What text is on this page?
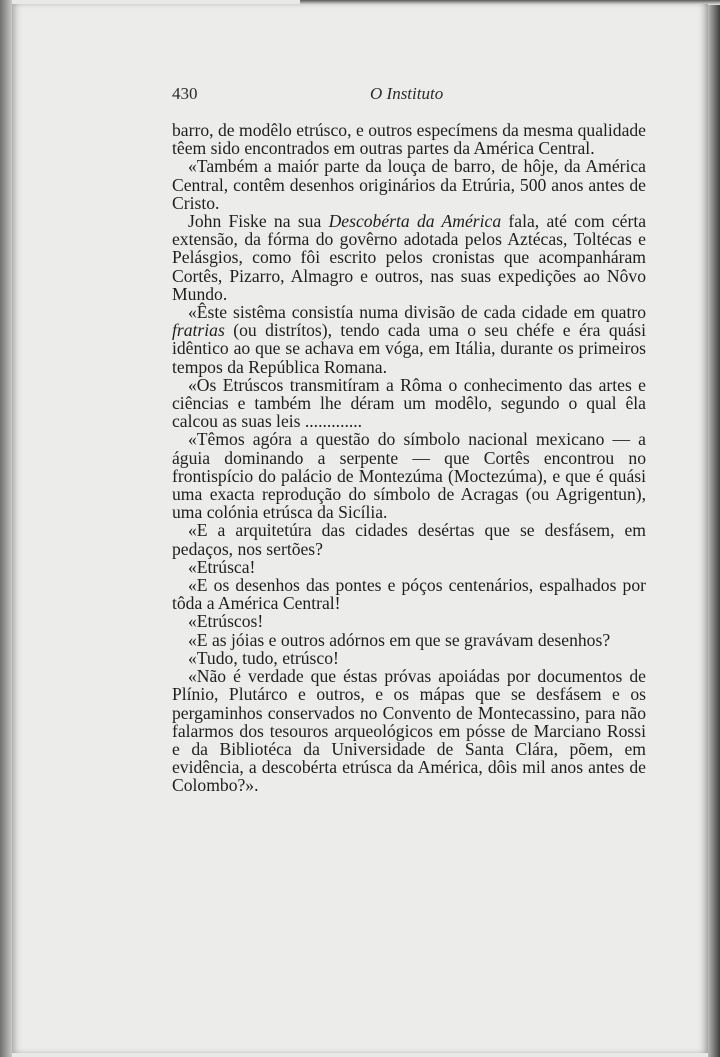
430	O Instituto

barro, de modêlo etrúsco, e outros especímens da mesma qualidade têem sido encontrados em outras partes da América Central.

«Também a maiór parte da louça de barro, de hôje, da América Central, contêm desenhos originários da Etrúria, 500 anos antes de Cristo.

John Fiske na sua Descobérta da América fala, até com cérta extensão, da fórma do govêrno adotada pelos Aztécas, Toltécas e Pelásgios, como fôi escrito pelos cronistas que acompanháram Cortês, Pizarro, Almagro e outros, nas suas expedições ao Nôvo Mundo.

«Êste sistêma consistía numa divisão de cada cidade em quatro fratrias (ou distrítos), tendo cada uma o seu chéfe e éra quási idêntico ao que se achava em vóga, em Itália, durante os primeiros tempos da República Romana.

«Os Etrúscos transmitíram a Rôma o conhecimento das artes e ciências e também lhe déram um modêlo, segundo o qual êla calcou as suas leis .............

«Têmos agóra a questão do símbolo nacional mexicano — a águia dominando a serpente — que Cortês encontrou no frontispício do palácio de Montezúma (Moctezúma), e que é quási uma exacta reprodução do símbolo de Acragas (ou Agrigentun), uma colónia etrúsca da Sicília.

«E a arquitetúra das cidades desértas que se desfásem, em pedaços, nos sertões?

«Etrúsca!

«E os desenhos das pontes e póços centenários, espalhados por tôda a América Central!

«Etrúscos!

«E as jóias e outros adórnos em que se gravávam desenhos?

«Tudo, tudo, etrúsco!

«Não é verdade que éstas próvas apoiádas por documentos de Plínio, Plutárco e outros, e os mápas que se desfásem e os pergaminhos conservados no Convento de Montecassino, para não falarmos dos tesouros arqueológicos em pósse de Marciano Rossi e da Bibliotéca da Universidade de Santa Clára, põem, em evidência, a descobérta etrúsca da América, dôis mil anos antes de Colombo?».
